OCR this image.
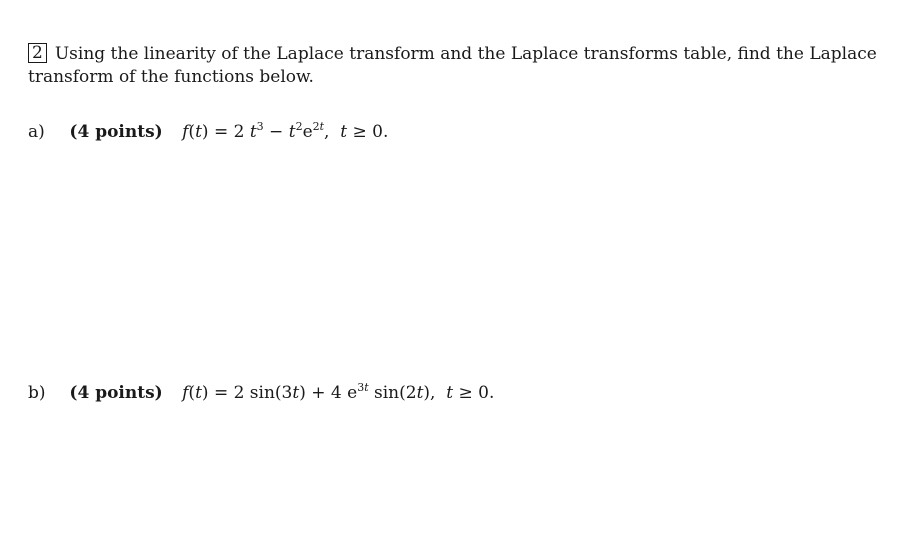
2 Using the linearity of the Laplace transform and the Laplace transforms table, find the Laplace transform of the functions below.
a) (4 points) f(t) = 2 $t^3 - t^2e^{2t}$,  t ≥ 0.
b) (4 points) f(t) = 2 sin(3t) + 4 $e^{3t}$ sin(2t),  t ≥ 0.
